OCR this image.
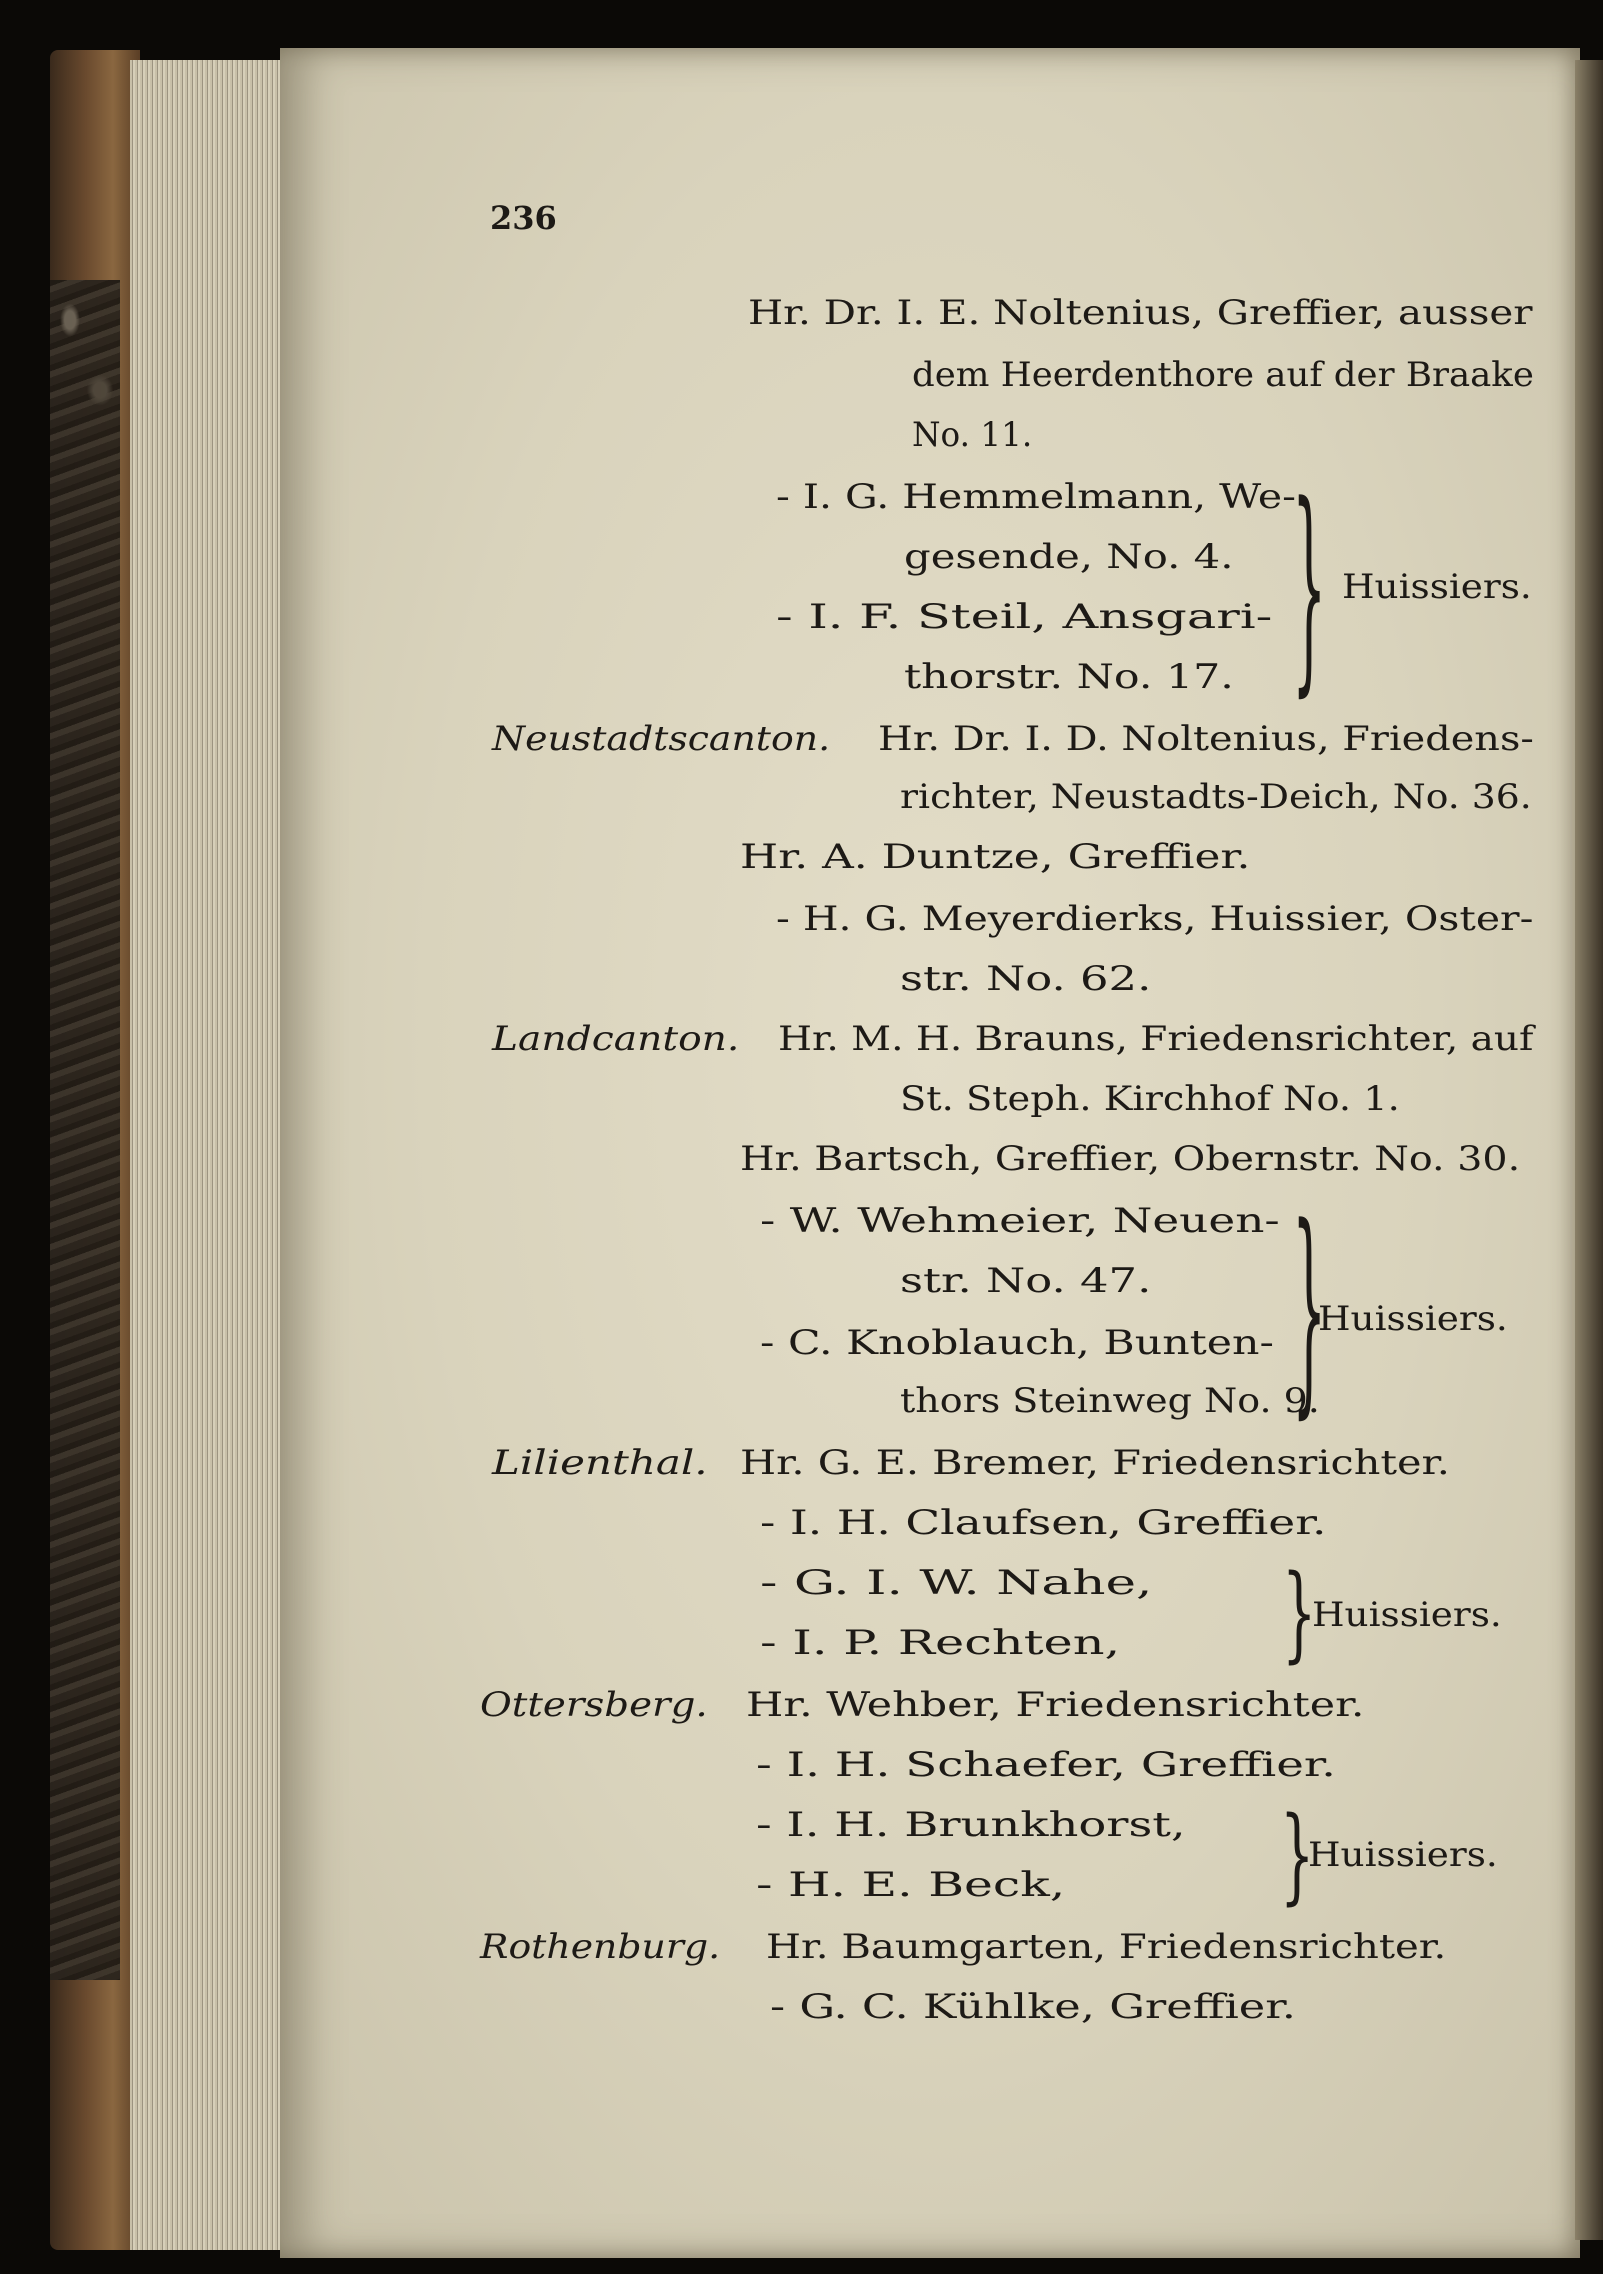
236
Hr. Dr. I. E. Noltenius, Greffier, ausser
dem Heerdenthore auf der Braake
No. 11.
- I. G. Hemmelmann, We-
gesende, No. 4.
- I. F. Steil, Ansgari-
thorstr. No. 17.
Neustadtscanton. Hr. Dr. I. D. Noltenius, Friedens-
richter, Neustadts-Deich, No. 36.
Hr. A. Duntze, Greffier.
- H. G. Meyerdierks, Huissier, Oster-
str. No. 62.
Landcanton. Hr. M. H. Brauns, Friedensrichter, auf
St. Steph. Kirchhof No. 1.
Hr. Bartsch, Greffier, Obernstr. No. 30.
- W. Wehmeier, Neuen-
str. No. 47.
- C. Knoblauch, Bunten-
thors Steinweg No. 9.
Lilienthal. Hr. G. E. Bremer, Friedensrichter.
- I. H. Claufsen, Greffier.
- G. I. W. Nahe,
- I. P. Rechten,
Ottersberg. Hr. Wehber, Friedensrichter.
- I. H. Schaefer, Greffier.
- I. H. Brunkhorst,
- H. E. Beck,
Rothenburg. Hr. Baumgarten, Friedensrichter.
- G. C. Kühlke, Greffier.
} Huissiers.
}
Huissiers.
}
Huissiers.
}
Huissiers.
